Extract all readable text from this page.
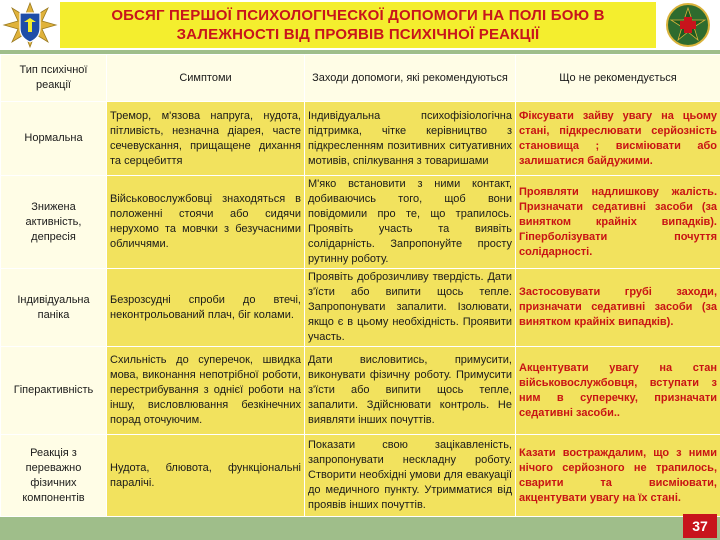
ОБСЯГ ПЕРШОЇ ПСИХОЛОГІЧЕСКОЇ ДОПОМОГИ НА ПОЛІ БОЮ В
ЗАЛЕЖНОСТІ ВІД ПРОЯВІВ ПСИХІЧНОЇ РЕАКЦІЇ
Тип психічної реакції	Симптоми	Заходи допомоги, які рекомендуються	Що не рекомендується
Нормальна	Тремор, м'язова напруга, нудота, пітливість, незначна діарея, часте сечевускання, прищащене дихання та серцебиття	Індивідуальна психофізіологічна підтримка, чітке керівництво з підкресленням позитивних ситуативних мотивів, спілкування з товаришами	Фіксувати зайву увагу на цьому стані, підкреслювати серйозність становища ; висміювати або залишатися байдужими.
Знижена активність, депресія	Військовослужбовці знаходяться в положенні стоячи або сидячи нерухомо та мовчки з безучасними обличчями.	М'яко встановити з ними контакт, добиваючись того, щоб вони повідомили про те, що трапилось. Проявіть участь та виявіть солідарність. Запропонуйте просту рутинну роботу.	Проявляти надлишкову жалість. Призначати седативні засоби (за винятком крайніх випадків). Гіперболізувати почуття солідарності.
Індивідуальна паніка	Безрозсудні спроби до втечі, неконтрольований плач, біг колами.	Проявіть доброзичливу твердість. Дати з'їсти або випити щось тепле. Запропонувати запалити. Ізолювати, якщо є в цьому необхідність. Проявити участь.	Застосовувати грубі заходи, призначати седативні засоби (за винятком крайніх випадків).
Гіперактивність	Схильність до суперечок, швидка мова, виконання непотрібної роботи, перестрибування з однієї роботи на іншу, висловлювання безкінечних порад оточуючим.	Дати висловитись, примусити, виконувати фізичну роботу. Примусити з'їсти або випити щось тепле, запалити. Здійснювати контроль. Не виявляти інших почуттів.	Акцентувати увагу на стан військовослужбовця, вступати з ним в суперечку, призначати седативні засоби..
Реакція з переважно фізичних компонентів	Нудота, блювота, функціональні паралічі.	Показати свою зацікавленість, запропонувати нескладну роботу. Створити необхідні умови для евакуації до медичного пункту. Утримматися від проявів інших почуттів.	Казати востраждалим, що з ними нічого серйозного не трапилось, сварити та висміювати, акцентувати увагу на їх стані.
37
